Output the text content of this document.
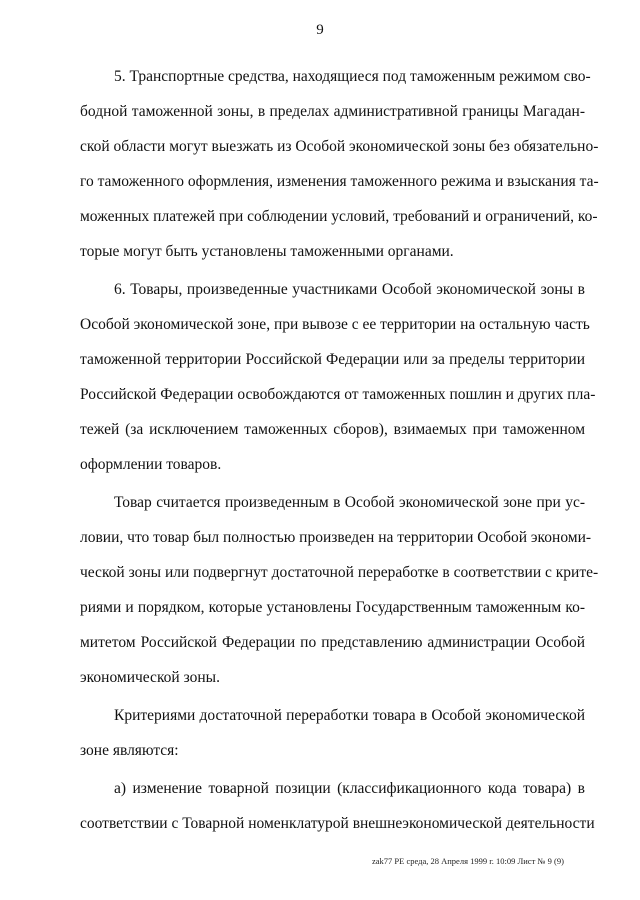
9
5. Транспортные средства, находящиеся под таможенным режимом сво-
бодной таможенной зоны, в пределах административной границы Магадан-
ской области могут выезжать из Особой экономической зоны без обязательно-
го таможенного оформления, изменения таможенного режима и взыскания та-
моженных платежей при соблюдении условий, требований и ограничений, ко-
торые могут быть установлены таможенными органами.
6. Товары, произведенные участниками Особой экономической зоны в
Особой экономической зоне, при вывозе с ее территории на остальную часть
таможенной территории Российской Федерации или за пределы территории
Российской Федерации освобождаются от таможенных пошлин и других пла-
тежей (за исключением таможенных сборов), взимаемых при таможенном
оформлении товаров.
Товар считается произведенным в Особой экономической зоне при ус-
ловии, что товар был полностью произведен на территории Особой экономи-
ческой зоны или подвергнут достаточной переработке в соответствии с крите-
риями и порядком, которые установлены Государственным таможенным ко-
митетом Российской Федерации по представлению администрации Особой
экономической зоны.
Критериями достаточной переработки товара в Особой экономической
зоне являются:
а) изменение товарной позиции (классификационного кода товара) в
соответствии с Товарной номенклатурой внешнеэкономической деятельности
zak77 PE среда, 28 Апреля 1999 г. 10:09 Лист № 9 (9)
